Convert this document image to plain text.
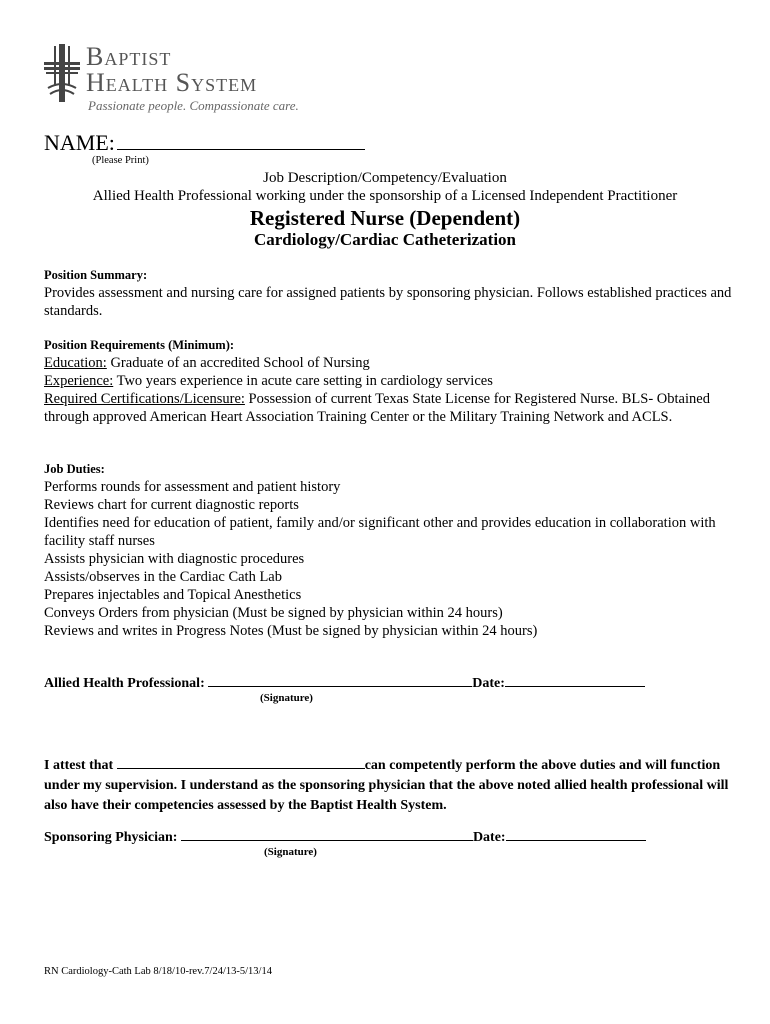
Baptist
Health System
Passionate people. Compassionate care.
NAME:
(Please Print)
Job Description/Competency/Evaluation
Allied Health Professional working under the sponsorship of a Licensed Independent Practitioner
Registered Nurse (Dependent)
Cardiology/Cardiac Catheterization
Position Summary:
Provides assessment and nursing care for assigned patients by sponsoring physician. Follows established practices and standards.
Position Requirements (Minimum):
Education: Graduate of an accredited School of Nursing
Experience: Two years experience in acute care setting in cardiology services
Required Certifications/Licensure: Possession of current Texas State License for Registered Nurse. BLS- Obtained through approved American Heart Association Training Center or the Military Training Network and ACLS.
Job Duties:
Performs rounds for assessment and patient history
Reviews chart for current diagnostic reports
Identifies need for education of patient, family and/or significant other and provides education in collaboration with facility staff nurses
Assists physician with diagnostic procedures
Assists/observes in the Cardiac Cath Lab
Prepares injectables and Topical Anesthetics
Conveys Orders from physician (Must be signed by physician within 24 hours)
Reviews and writes in Progress Notes (Must be signed by physician within 24 hours)
Allied Health Professional:	Date:
(Signature)
I attest that	can competently perform the above duties and will function under my supervision. I understand as the sponsoring physician that the above noted allied health professional will also have their competencies assessed by the Baptist Health System.
Sponsoring Physician:	Date:
(Signature)
RN Cardiology-Cath Lab 8/18/10-rev.7/24/13-5/13/14
